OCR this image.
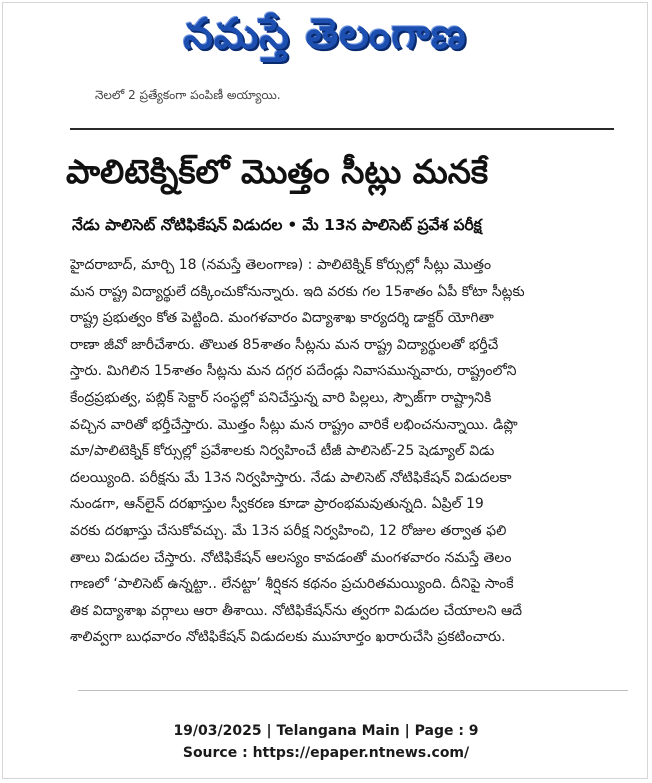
నమస్తే తెలంగాణ
నెలలో 2 ప్రత్యేకంగా పంపిణీ అయ్యాయి.
పాలిటెక్నిక్‌లో మొత్తం సీట్లు మనకే
నేడు పాలిసెట్ నోటిఫికేషన్ విడుదల • మే 13న పాలిసెట్ ప్రవేశ పరీక్ష
హైదరాబాద్, మార్చి 18 (నమస్తే తెలంగాణ) : పాలిటెక్నిక్ కోర్సుల్లో సీట్లు మొత్తం
మన రాష్ట్ర విద్యార్థులే దక్కించుకోనున్నారు. ఇది వరకు గల 15శాతం ఏపీ కోటా సీట్లకు
రాష్ట్ర ప్రభుత్వం కోత పెట్టింది. మంగళవారం విద్యాశాఖ కార్యదర్శి డాక్టర్ యోగితా
రాణా జీవో జారీచేశారు. తొలుత 85శాతం సీట్లను మన రాష్ట్ర విద్యార్థులతో భర్తీచే
స్తారు. మిగిలిన 15శాతం సీట్లను మన దగ్గర పదేండ్లు నివాసమున్నవారు, రాష్ట్రంలోని
కేంద్రప్రభుత్వ, పబ్లిక్ సెక్టార్ సంస్థల్లో పనిచేస్తున్న వారి పిల్లలు, స్పౌజ్‌గా రాష్ట్రానికి
వచ్చిన వారితో భర్తీచేస్తారు. మొత్తం సీట్లు మన రాష్ట్రం వారికే లభించనున్నాయి. డిప్లొ
మా/పాలిటెక్నిక్ కోర్సుల్లో ప్రవేశాలకు నిర్వహించే టీజీ పాలిసెట్-25 షెడ్యూల్ విడు
దలయ్యింది. పరీక్షను మే 13న నిర్వహిస్తారు. నేడు పాలిసెట్ నోటిఫికేషన్ విడుదలకా
నుండగా, ఆన్‌లైన్ దరఖాస్తుల స్వీకరణ కూడా ప్రారంభమవుతున్నది. ఏప్రిల్ 19
వరకు దరఖాస్తు చేసుకోవచ్చు. మే 13న పరీక్ష నిర్వహించి, 12 రోజుల తర్వాత ఫలి
తాలు విడుదల చేస్తారు. నోటిఫికేషన్ ఆలస్యం కావడంతో మంగళవారం నమస్తే తెలం
గాణలో ‘పాలిసెట్ ఉన్నట్టా.. లేనట్టా’ శీర్షికన కథనం ప్రచురితమయ్యింది. దీనిపై సాంకే
తిక విద్యాశాఖ వర్గాలు ఆరా తీశాయి. నోటిఫికేషన్‌ను త్వరగా విడుదల చేయాలని ఆదే
శాలివ్వగా బుధవారం నోటిఫికేషన్ విడుదలకు ముహూర్తం ఖరారుచేసి ప్రకటించారు.
19/03/2025 | Telangana Main | Page : 9
Source : https://epaper.ntnews.com/
